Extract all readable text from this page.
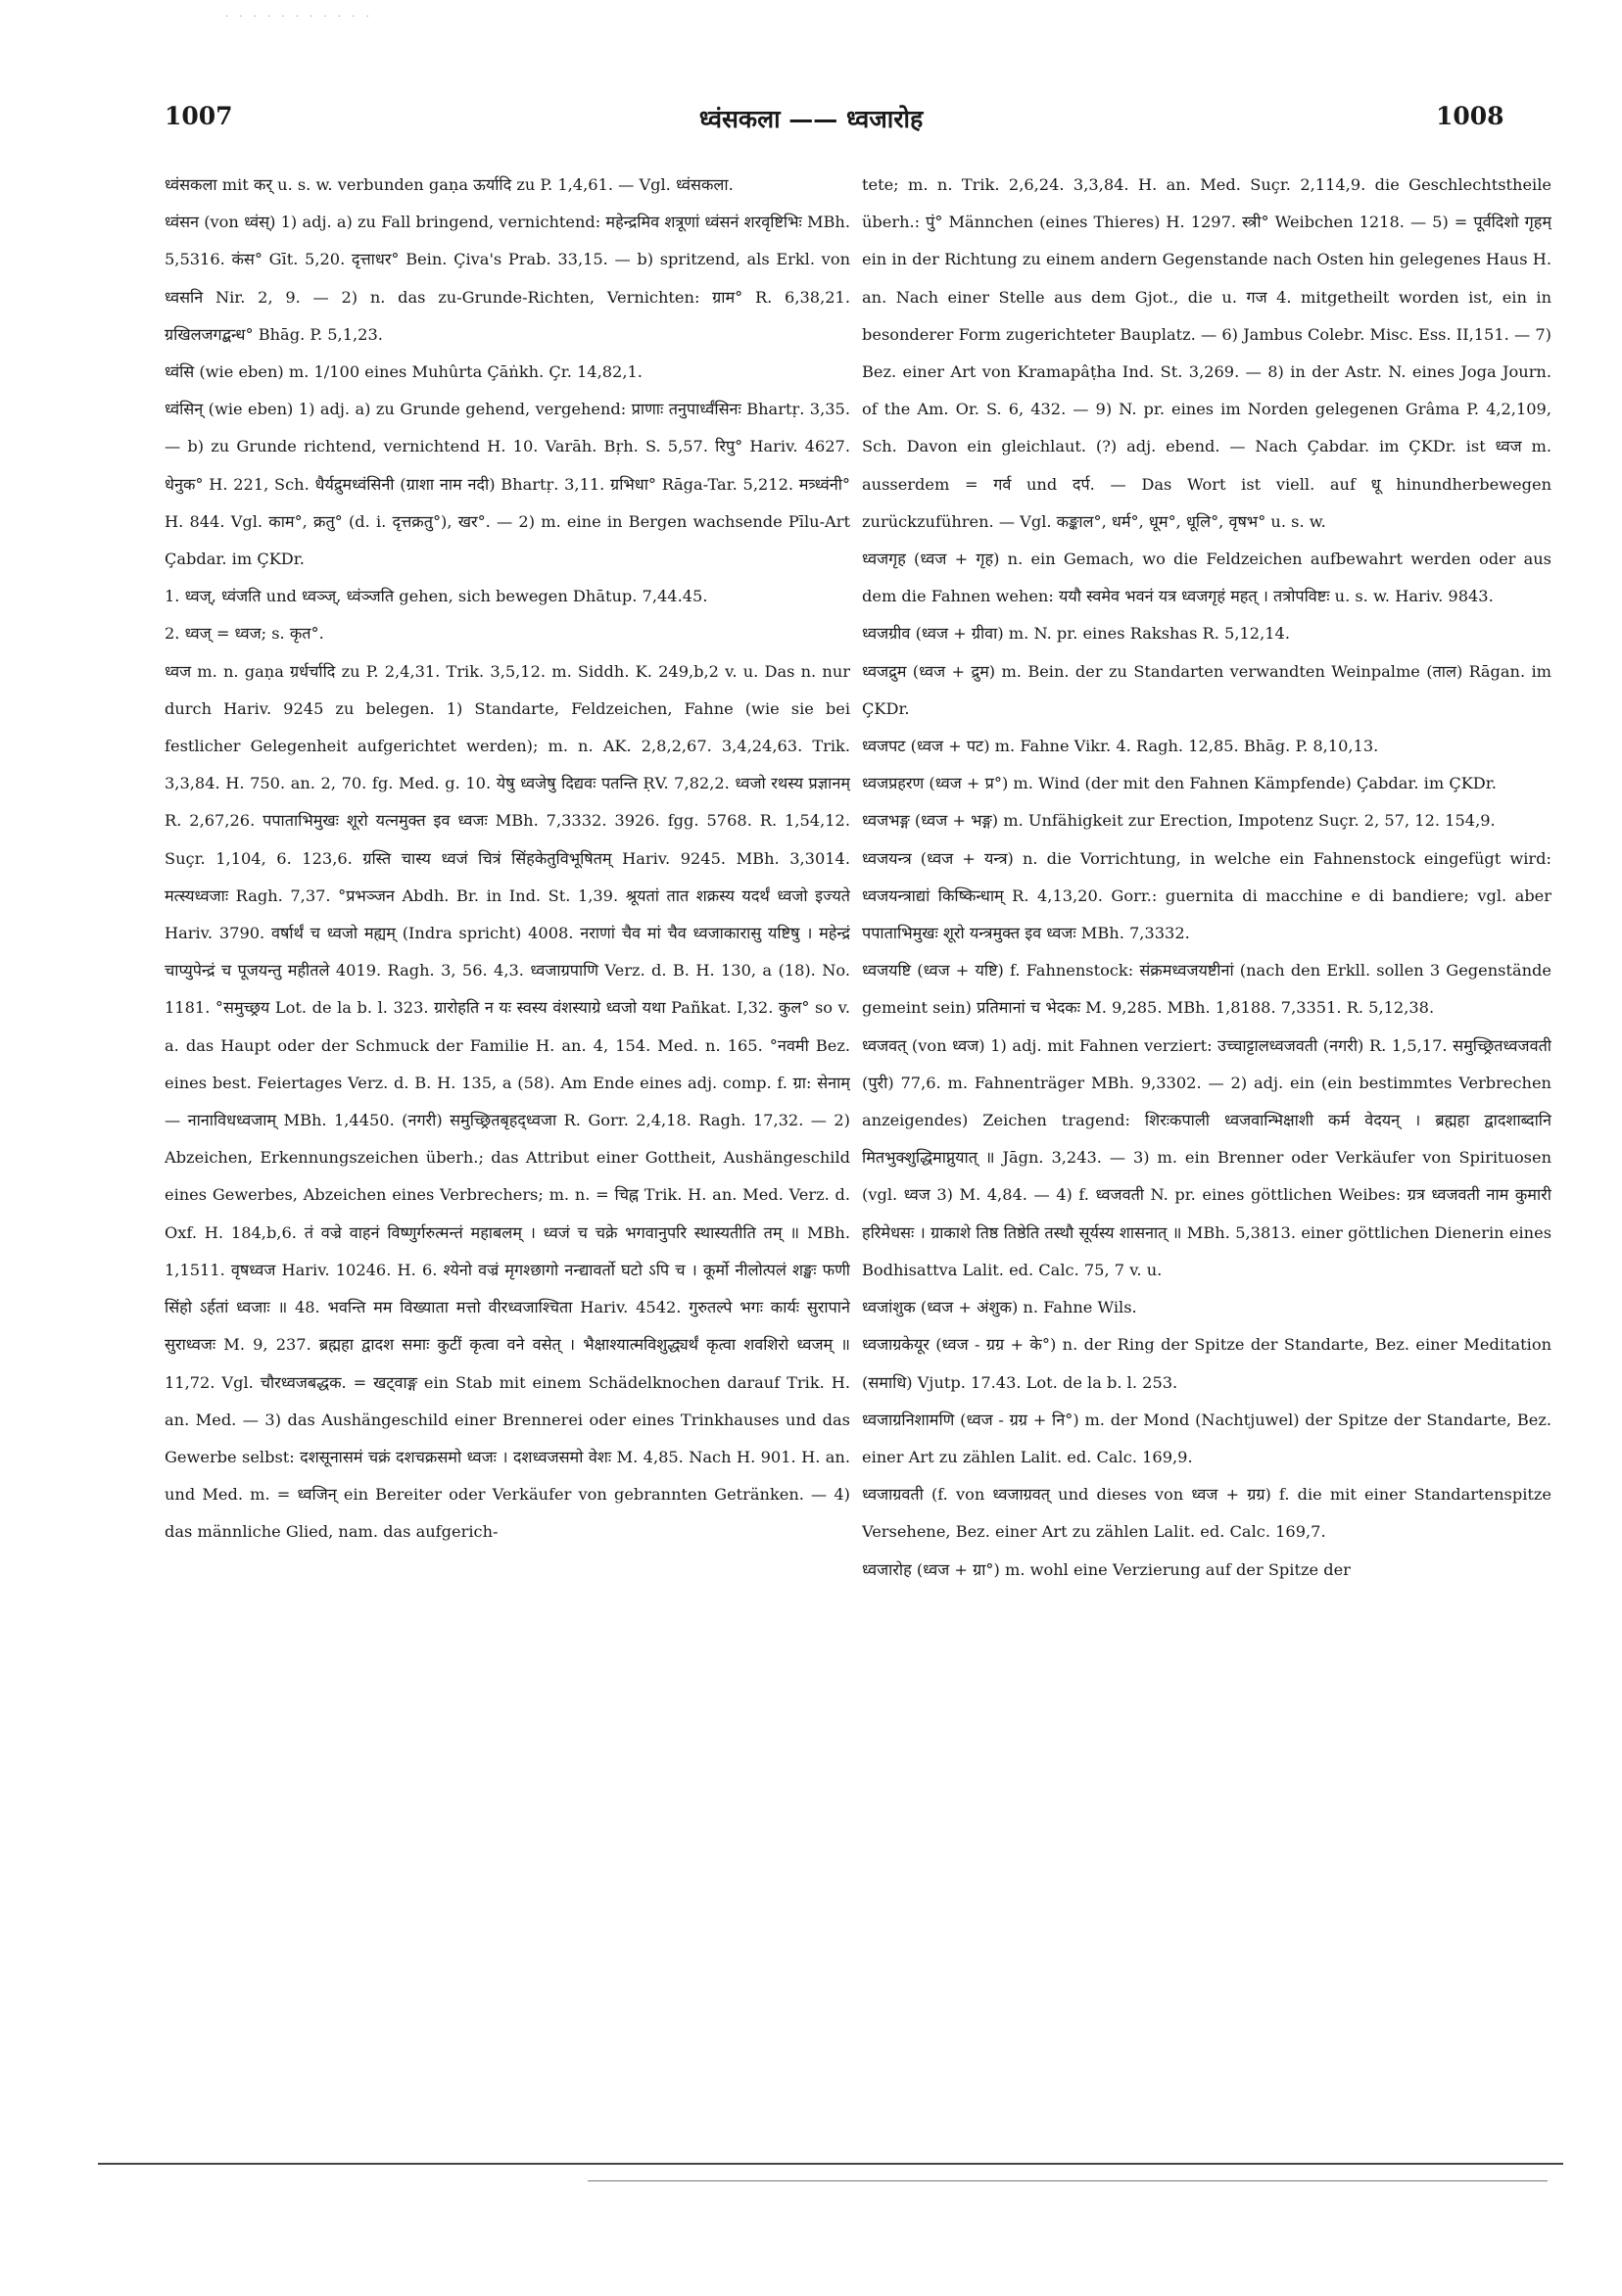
· · · · · · · · · · ·
1007	ध्वंसकला —— ध्वजारोह	1008

ध्वंसकला mit कर् u. s. w. verbunden gaṇa ऊर्यादि zu P. 1,4,61. — Vgl. ध्वंसकला.

ध्वंसन (von ध्वंस्) 1) adj. a) zu Fall bringend, vernichtend: महेन्द्रमिव शत्रूणां ध्वंसनं शरवृष्टिभिः MBh. 5,5316. कंस° Gīt. 5,20. दृत्ताधर° Bein. Çiva's Prab. 33,15. — b) spritzend, als Erkl. von ध्वसनि Nir. 2, 9. — 2) n. das zu-Grunde-Richten, Vernichten: ग्राम° R. 6,38,21. ग्रखिलजगद्बन्ध° Bhāg. P. 5,1,23.

ध्वंसि (wie eben) m. 1/100 eines Muhûrta Çāṅkh. Çr. 14,82,1.

ध्वंसिन् (wie eben) 1) adj. a) zu Grunde gehend, vergehend: प्राणाः तनुपार्ध्वंसिनः Bhartṛ. 3,35. — b) zu Grunde richtend, vernichtend H. 10. Varāh. Bṛh. S. 5,57. रिपु° Hariv. 4627. धेनुक° H. 221, Sch. धैर्यद्रुमध्वंसिनी (ग्राशा नाम नदी) Bhartṛ. 3,11. ग्रभिधा° Rāga-Tar. 5,212. मत्र्ध्वंनी° H. 844. Vgl. काम°, क्रतु° (d. i. दृत्तक्रतु°), खर°. — 2) m. eine in Bergen wachsende Pīlu-Art Çabdar. im ÇKDr.

1. ध्वज्, ध्वंजति und ध्वञ्ज्, ध्वंञ्जति gehen, sich bewegen Dhātup. 7,44.45.

2. ध्वज् = ध्वज; s. कृत°.

ध्वज m. n. gaṇa ग्रर्धर्चादि zu P. 2,4,31. Trik. 3,5,12. m. Siddh. K. 249,b,2 v. u. Das n. nur durch Hariv. 9245 zu belegen. 1) Standarte, Feldzeichen, Fahne (wie sie bei festlicher Gelegenheit aufgerichtet werden); m. n. AK. 2,8,2,67. 3,4,24,63. Trik. 3,3,84. H. 750. an. 2, 70. fg. Med. g. 10. येषु ध्वजेषु दिद्यवः पतन्ति ṚV. 7,82,2. ध्वजो रथस्य प्रज्ञानम् R. 2,67,26. पपाताभिमुखः शूरो यत्नमुक्त इव ध्वजः MBh. 7,3332. 3926. fgg. 5768. R. 1,54,12. Suçr. 1,104, 6. 123,6. ग्रस्ति चास्य ध्वजं चित्रं सिंहकेतुविभूषितम् Hariv. 9245. MBh. 3,3014. मत्स्यध्वजाः Ragh. 7,37. °प्रभञ्जन Abdh. Br. in Ind. St. 1,39. श्रूयतां तात शक्रस्य यदर्थं ध्वजो इज्यते Hariv. 3790. वर्षार्थं च ध्वजो मह्यम् (Indra spricht) 4008. नराणां चैव मां चैव ध्वजाकारासु यष्टिषु । महेन्द्रं चाप्युपेन्द्रं च पूजयन्तु महीतले 4019. Ragh. 3, 56. 4,3. ध्वजाग्रपाणि Verz. d. B. H. 130, a (18). No. 1181. °समुच्छ्रय Lot. de la b. l. 323. ग्रारोहति न यः स्वस्य वंशस्याग्रे ध्वजो यथा Pañkat. I,32. कुल° so v. a. das Haupt oder der Schmuck der Familie H. an. 4, 154. Med. n. 165. °नवमी Bez. eines best. Feiertages Verz. d. B. H. 135, a (58). Am Ende eines adj. comp. f. ग्रा: सेनाम् — नानाविधध्वजाम् MBh. 1,4450. (नगरी) समुच्छ्रितबृहद्ध्वजा R. Gorr. 2,4,18. Ragh. 17,32. — 2) Abzeichen, Erkennungszeichen überh.; das Attribut einer Gottheit, Aushängeschild eines Gewerbes, Abzeichen eines Verbrechers; m. n. = चिह्न Trik. H. an. Med. Verz. d. Oxf. H. 184,b,6. तं वज्रे वाहनं विष्णुर्गरुत्मन्तं महाबलम् । ध्वजं च चक्रे भगवानुपरि स्थास्यतीति तम् ॥ MBh. 1,1511. वृषध्वज Hariv. 10246. H. 6. श्येनो वज्रं मृगश्छागो नन्द्यावर्तो घटो ऽपि च । कूर्मो नीलोत्पलं शङ्खः फणी सिंहो ऽर्हतां ध्वजाः ॥ 48. भवन्ति मम विख्याता मत्तो वीरध्वजाश्चिता Hariv. 4542. गुरुतल्पे भगः कार्यः सुरापाने सुराध्वजः M. 9, 237. ब्रह्महा द्वादश समाः कुटीं कृत्वा वने वसेत् । भैक्षाश्यात्मविशुद्ध्यर्थं कृत्वा शवशिरो ध्वजम् ॥ 11,72. Vgl. चौरध्वजबद्धक. = खट्वाङ्ग ein Stab mit einem Schädelknochen darauf Trik. H. an. Med. — 3) das Aushängeschild einer Brennerei oder eines Trinkhauses und das Gewerbe selbst: दशसूनासमं चक्रं दशचक्रसमो ध्वजः । दशध्वजसमो वेशः M. 4,85. Nach H. 901. H. an. und Med. m. = ध्वजिन् ein Bereiter oder Verkäufer von gebrannten Getränken. — 4) das männliche Glied, nam. das aufgerich-

tete; m. n. Trik. 2,6,24. 3,3,84. H. an. Med. Suçr. 2,114,9. die Geschlechtstheile überh.: पुं° Männchen (eines Thieres) H. 1297. स्त्री° Weibchen 1218. — 5) = पूर्वदिशो गृहम् ein in der Richtung zu einem andern Gegenstande nach Osten hin gelegenes Haus H. an. Nach einer Stelle aus dem Gjot., die u. गज 4. mitgetheilt worden ist, ein in besonderer Form zugerichteter Bauplatz. — 6) Jambus Colebr. Misc. Ess. II,151. — 7) Bez. einer Art von Kramapâṭha Ind. St. 3,269. — 8) in der Astr. N. eines Joga Journ. of the Am. Or. S. 6, 432. — 9) N. pr. eines im Norden gelegenen Grâma P. 4,2,109, Sch. Davon ein gleichlaut. (?) adj. ebend. — Nach Çabdar. im ÇKDr. ist ध्वज m. ausserdem = गर्व und दर्प. — Das Wort ist viell. auf धू hinundherbewegen zurückzuführen. — Vgl. कङ्काल°, धर्म°, धूम°, धूलि°, वृषभ° u. s. w.

ध्वजगृह (ध्वज + गृह) n. ein Gemach, wo die Feldzeichen aufbewahrt werden oder aus dem die Fahnen wehen: ययौ स्वमेव भवनं यत्र ध्वजगृहं महत् । तत्रोपविष्टः u. s. w. Hariv. 9843.

ध्वजग्रीव (ध्वज + ग्रीवा) m. N. pr. eines Rakshas R. 5,12,14.

ध्वजद्रुम (ध्वज + द्रुम) m. Bein. der zu Standarten verwandten Weinpalme (ताल) Rāgan. im ÇKDr.

ध्वजपट (ध्वज + पट) m. Fahne Vikr. 4. Ragh. 12,85. Bhāg. P. 8,10,13.

ध्वजप्रहरण (ध्वज + प्र°) m. Wind (der mit den Fahnen Kämpfende) Çabdar. im ÇKDr.

ध्वजभङ्ग (ध्वज + भङ्ग) m. Unfähigkeit zur Erection, Impotenz Suçr. 2, 57, 12. 154,9.

ध्वजयन्त्र (ध्वज + यन्त्र) n. die Vorrichtung, in welche ein Fahnenstock eingefügt wird: ध्वजयन्त्राद्यां किष्किन्धाम् R. 4,13,20. Gorr.: guernita di macchine e di bandiere; vgl. aber पपाताभिमुखः शूरो यन्त्रमुक्त इव ध्वजः MBh. 7,3332.

ध्वजयष्टि (ध्वज + यष्टि) f. Fahnenstock: संक्रमध्वजयष्टीनां (nach den Erkll. sollen 3 Gegenstände gemeint sein) प्रतिमानां च भेदकः M. 9,285. MBh. 1,8188. 7,3351. R. 5,12,38.

ध्वजवत् (von ध्वज) 1) adj. mit Fahnen verziert: उच्चाट्टालध्वजवती (नगरी) R. 1,5,17. समुच्छ्रितध्वजवती (पुरी) 77,6. m. Fahnenträger MBh. 9,3302. — 2) adj. ein (ein bestimmtes Verbrechen anzeigendes) Zeichen tragend: शिरःकपाली ध्वजवान्भिक्षाशी कर्म वेदयन् । ब्रह्महा द्वादशाब्दानि मितभुक्शुद्धिमाप्नुयात् ॥ Jāgn. 3,243. — 3) m. ein Brenner oder Verkäufer von Spirituosen (vgl. ध्वज 3) M. 4,84. — 4) f. ध्वजवती N. pr. eines göttlichen Weibes: ग्रत्र ध्वजवती नाम कुमारी हरिमेधसः । ग्राकाशे तिष्ठ तिष्ठेति तस्थौ सूर्यस्य शासनात् ॥ MBh. 5,3813. einer göttlichen Dienerin eines Bodhisattva Lalit. ed. Calc. 75, 7 v. u.

ध्वजांशुक (ध्वज + अंशुक) n. Fahne Wils.

ध्वजाग्रकेयूर (ध्वज - ग्रग्र + के°) n. der Ring der Spitze der Standarte, Bez. einer Meditation (समाधि) Vjutp. 17.43. Lot. de la b. l. 253.

ध्वजाग्रनिशामणि (ध्वज - ग्रग्र + नि°) m. der Mond (Nachtjuwel) der Spitze der Standarte, Bez. einer Art zu zählen Lalit. ed. Calc. 169,9.

ध्वजाग्रवती (f. von ध्वजाग्रवत् und dieses von ध्वज + ग्रग्र) f. die mit einer Standartenspitze Versehene, Bez. einer Art zu zählen Lalit. ed. Calc. 169,7.

ध्वजारोह (ध्वज + ग्रा°) m. wohl eine Verzierung auf der Spitze der
